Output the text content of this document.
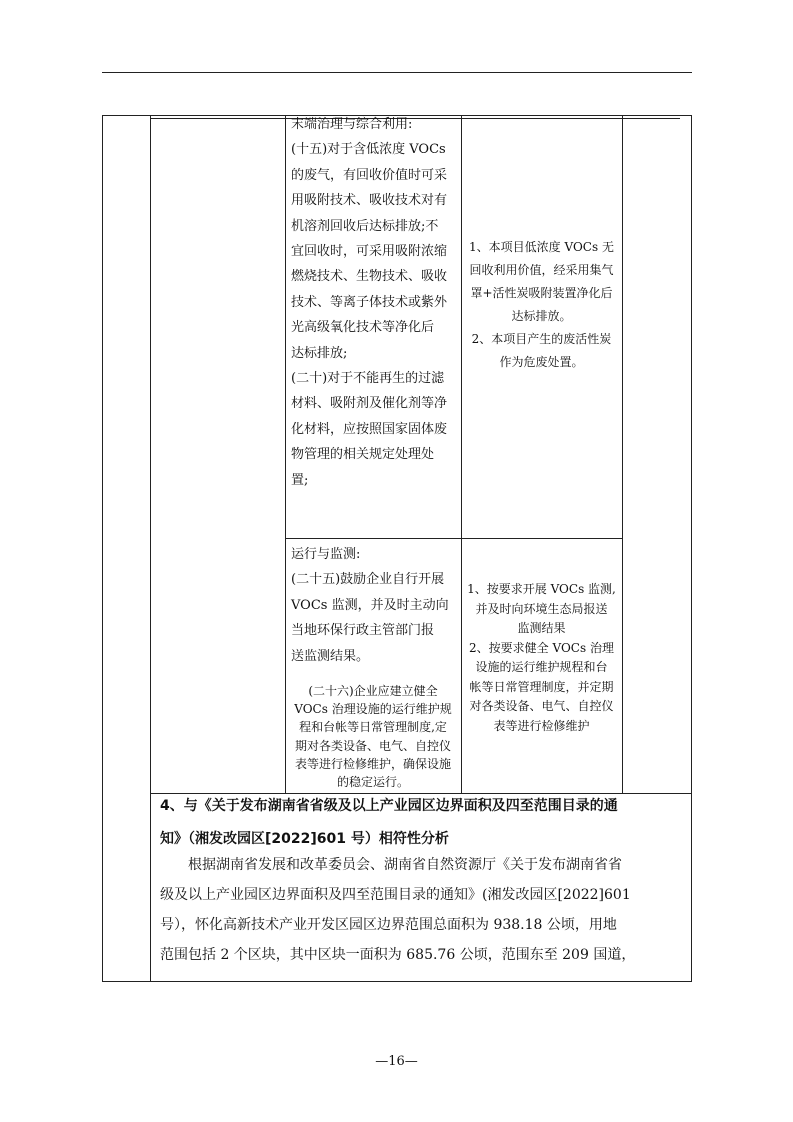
末端治理与综合利用:

(十五)对于含低浓度 VOCs

的废气，有回收价值时可采

用吸附技术、吸收技术对有

机溶剂回收后达标排放;不

宜回收时，可采用吸附浓缩

燃烧技术、生物技术、吸收

技术、等离子体技术或紫外

光高级氧化技术等净化后

达标排放;

(二十)对于不能再生的过滤

材料、吸附剂及催化剂等净

化材料，应按照国家固体废

物管理的相关规定处理处

置;

1、本项目低浓度 VOCs 无

回收利用价值，经采用集气

罩+活性炭吸附装置净化后

达标排放。

2、本项目产生的废活性炭

作为危废处置。

运行与监测:

(二十五)鼓励企业自行开展

VOCs 监测，并及时主动向

当地环保行政主管部门报

送监测结果。

(二十六)企业应建立健全

VOCs 治理设施的运行维护规

程和台帐等日常管理制度,定

期对各类设备、电气、自控仪

表等进行检修维护，确保设施

的稳定运行。

1、按要求开展 VOCs 监测,

并及时向环境生态局报送

监测结果

2、按要求健全 VOCs 治理

设施的运行维护规程和台

帐等日常管理制度，并定期

对各类设备、电气、自控仪

表等进行检修维护

4、与《关于发布湖南省省级及以上产业园区边界面积及四至范围目录的通
知》（湘发改园区[2022]601 号）相符性分析
　　根据湖南省发展和改革委员会、湖南省自然资源厅《关于发布湖南省省
级及以上产业园区边界面积及四至范围目录的通知》(湘发改园区[2022]601
号），怀化高新技术产业开发区园区边界范围总面积为 938.18 公顷，用地
范围包括 2 个区块，其中区块一面积为 685.76 公顷，范围东至 209 国道，
—16—
